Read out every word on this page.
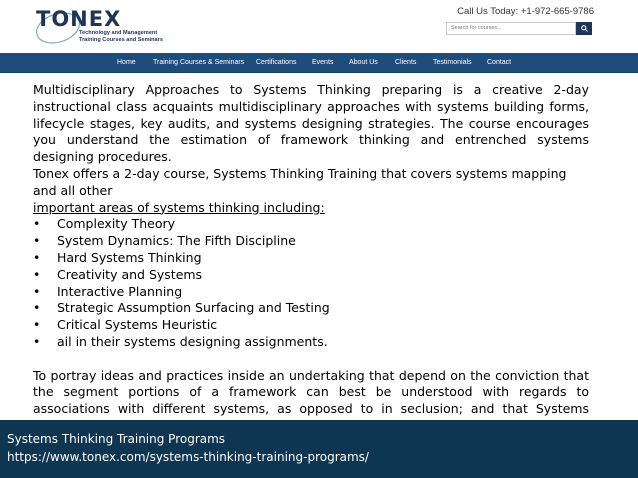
TONEX
Technology and Management
Training Courses and Seminars
Call Us Today: +1-972-665-9786
Search for courses...
Home Training Courses & Seminars Certifications Events About Us Clients Testimonials Contact

Multidisciplinary Approaches to Systems Thinking preparing is a creative 2-day instructional class acquaints multidisciplinary approaches with systems building forms, lifecycle stages, key audits, and systems designing strategies. The course encourages you understand the estimation of framework thinking and entrenched systems designing procedures.

Tonex offers a 2-day course, Systems Thinking Training that covers systems mapping and all other
important areas of systems thinking including:

• Complexity Theory
• System Dynamics: The Fifth Discipline
• Hard Systems Thinking
• Creativity and Systems
• Interactive Planning
• Strategic Assumption Surfacing and Testing
• Critical Systems Heuristic
• ail in their systems designing assignments.

To portray ideas and practices inside an undertaking that depend on the conviction that the segment portions of a framework can best be understood with regards to associations with different systems, as opposed to in seclusion; and that Systems

Systems Thinking Training Programs
https://www.tonex.com/systems-thinking-training-programs/
